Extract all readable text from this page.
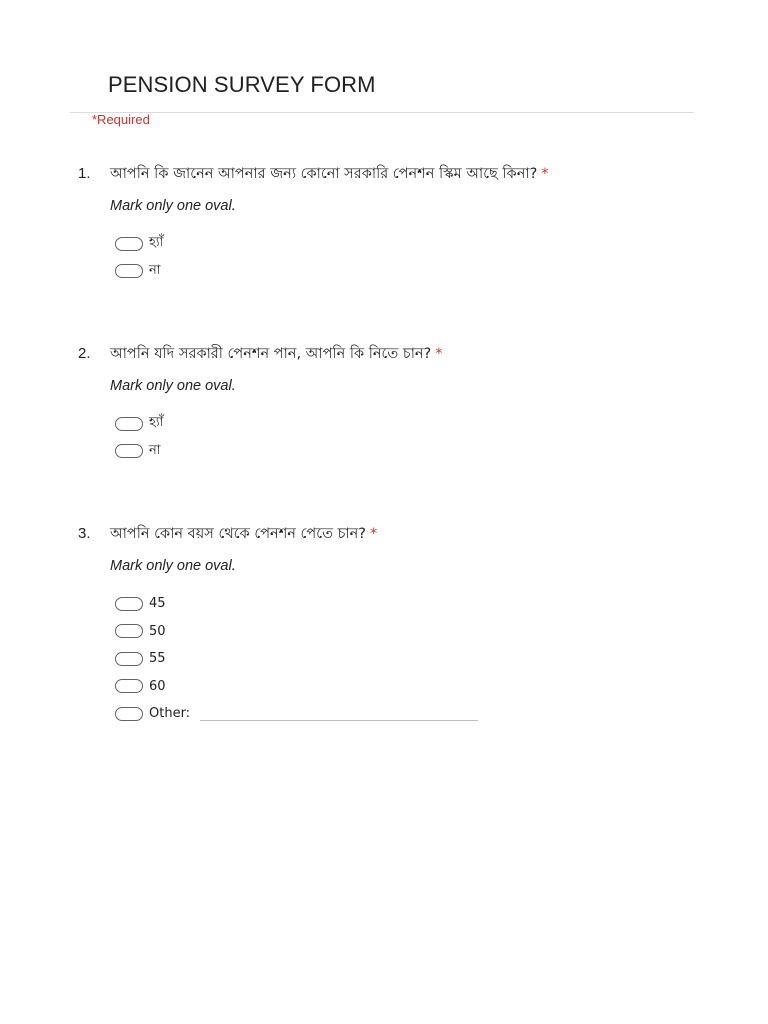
PENSION SURVEY FORM
*Required
1.	আপনি কি জানেন আপনার জন্য কোনো সরকারি পেনশন স্কিম আছে কিনা? *
Mark only one oval.
হ্যাঁ
না
2.	আপনি যদি সরকারী পেনশন পান, আপনি কি নিতে চান? *
Mark only one oval.
হ্যাঁ
না
3.	আপনি কোন বয়স থেকে পেনশন পেতে চান? *
Mark only one oval.
45
50
55
60
Other:
